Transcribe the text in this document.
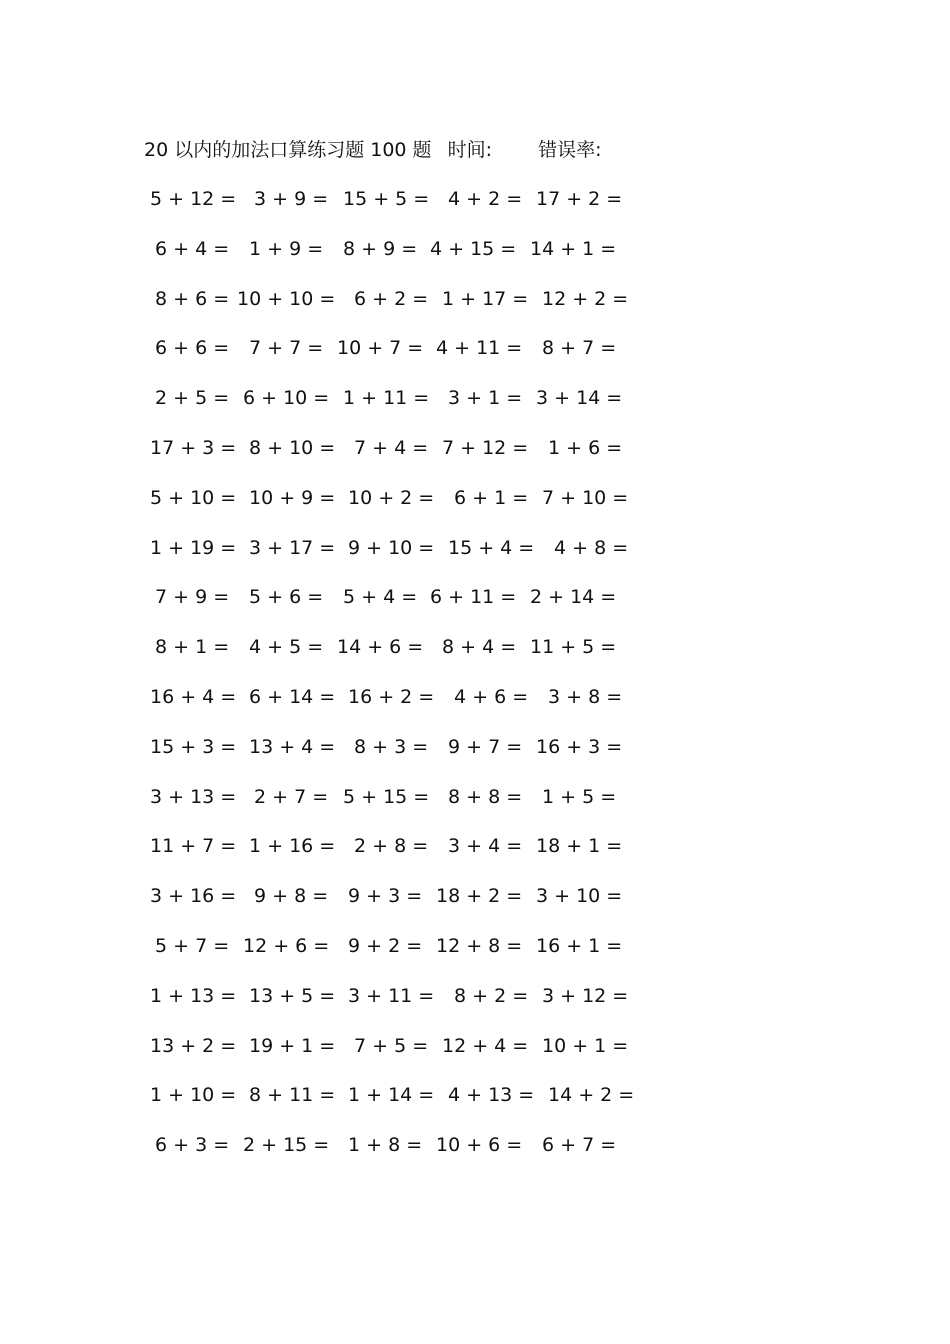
20 以内的加法口算练习题 100 题 时间: 错误率:
5 + 12 = 3 + 9 = 15 + 5 = 4 + 2 = 17 + 2 =
6 + 4 = 1 + 9 = 8 + 9 = 4 + 15 = 14 + 1 =
8 + 6 = 10 + 10 = 6 + 2 = 1 + 17 = 12 + 2 =
6 + 6 = 7 + 7 = 10 + 7 = 4 + 11 = 8 + 7 =
2 + 5 = 6 + 10 = 1 + 11 = 3 + 1 = 3 + 14 =
17 + 3 = 8 + 10 = 7 + 4 = 7 + 12 = 1 + 6 =
5 + 10 = 10 + 9 = 10 + 2 = 6 + 1 = 7 + 10 =
1 + 19 = 3 + 17 = 9 + 10 = 15 + 4 = 4 + 8 =
7 + 9 = 5 + 6 = 5 + 4 = 6 + 11 = 2 + 14 =
8 + 1 = 4 + 5 = 14 + 6 = 8 + 4 = 11 + 5 =
16 + 4 = 6 + 14 = 16 + 2 = 4 + 6 = 3 + 8 =
15 + 3 = 13 + 4 = 8 + 3 = 9 + 7 = 16 + 3 =
3 + 13 = 2 + 7 = 5 + 15 = 8 + 8 = 1 + 5 =
11 + 7 = 1 + 16 = 2 + 8 = 3 + 4 = 18 + 1 =
3 + 16 = 9 + 8 = 9 + 3 = 18 + 2 = 3 + 10 =
5 + 7 = 12 + 6 = 9 + 2 = 12 + 8 = 16 + 1 =
1 + 13 = 13 + 5 = 3 + 11 = 8 + 2 = 3 + 12 =
13 + 2 = 19 + 1 = 7 + 5 = 12 + 4 = 10 + 1 =
1 + 10 = 8 + 11 = 1 + 14 = 4 + 13 = 14 + 2 =
6 + 3 = 2 + 15 = 1 + 8 = 10 + 6 = 6 + 7 =
